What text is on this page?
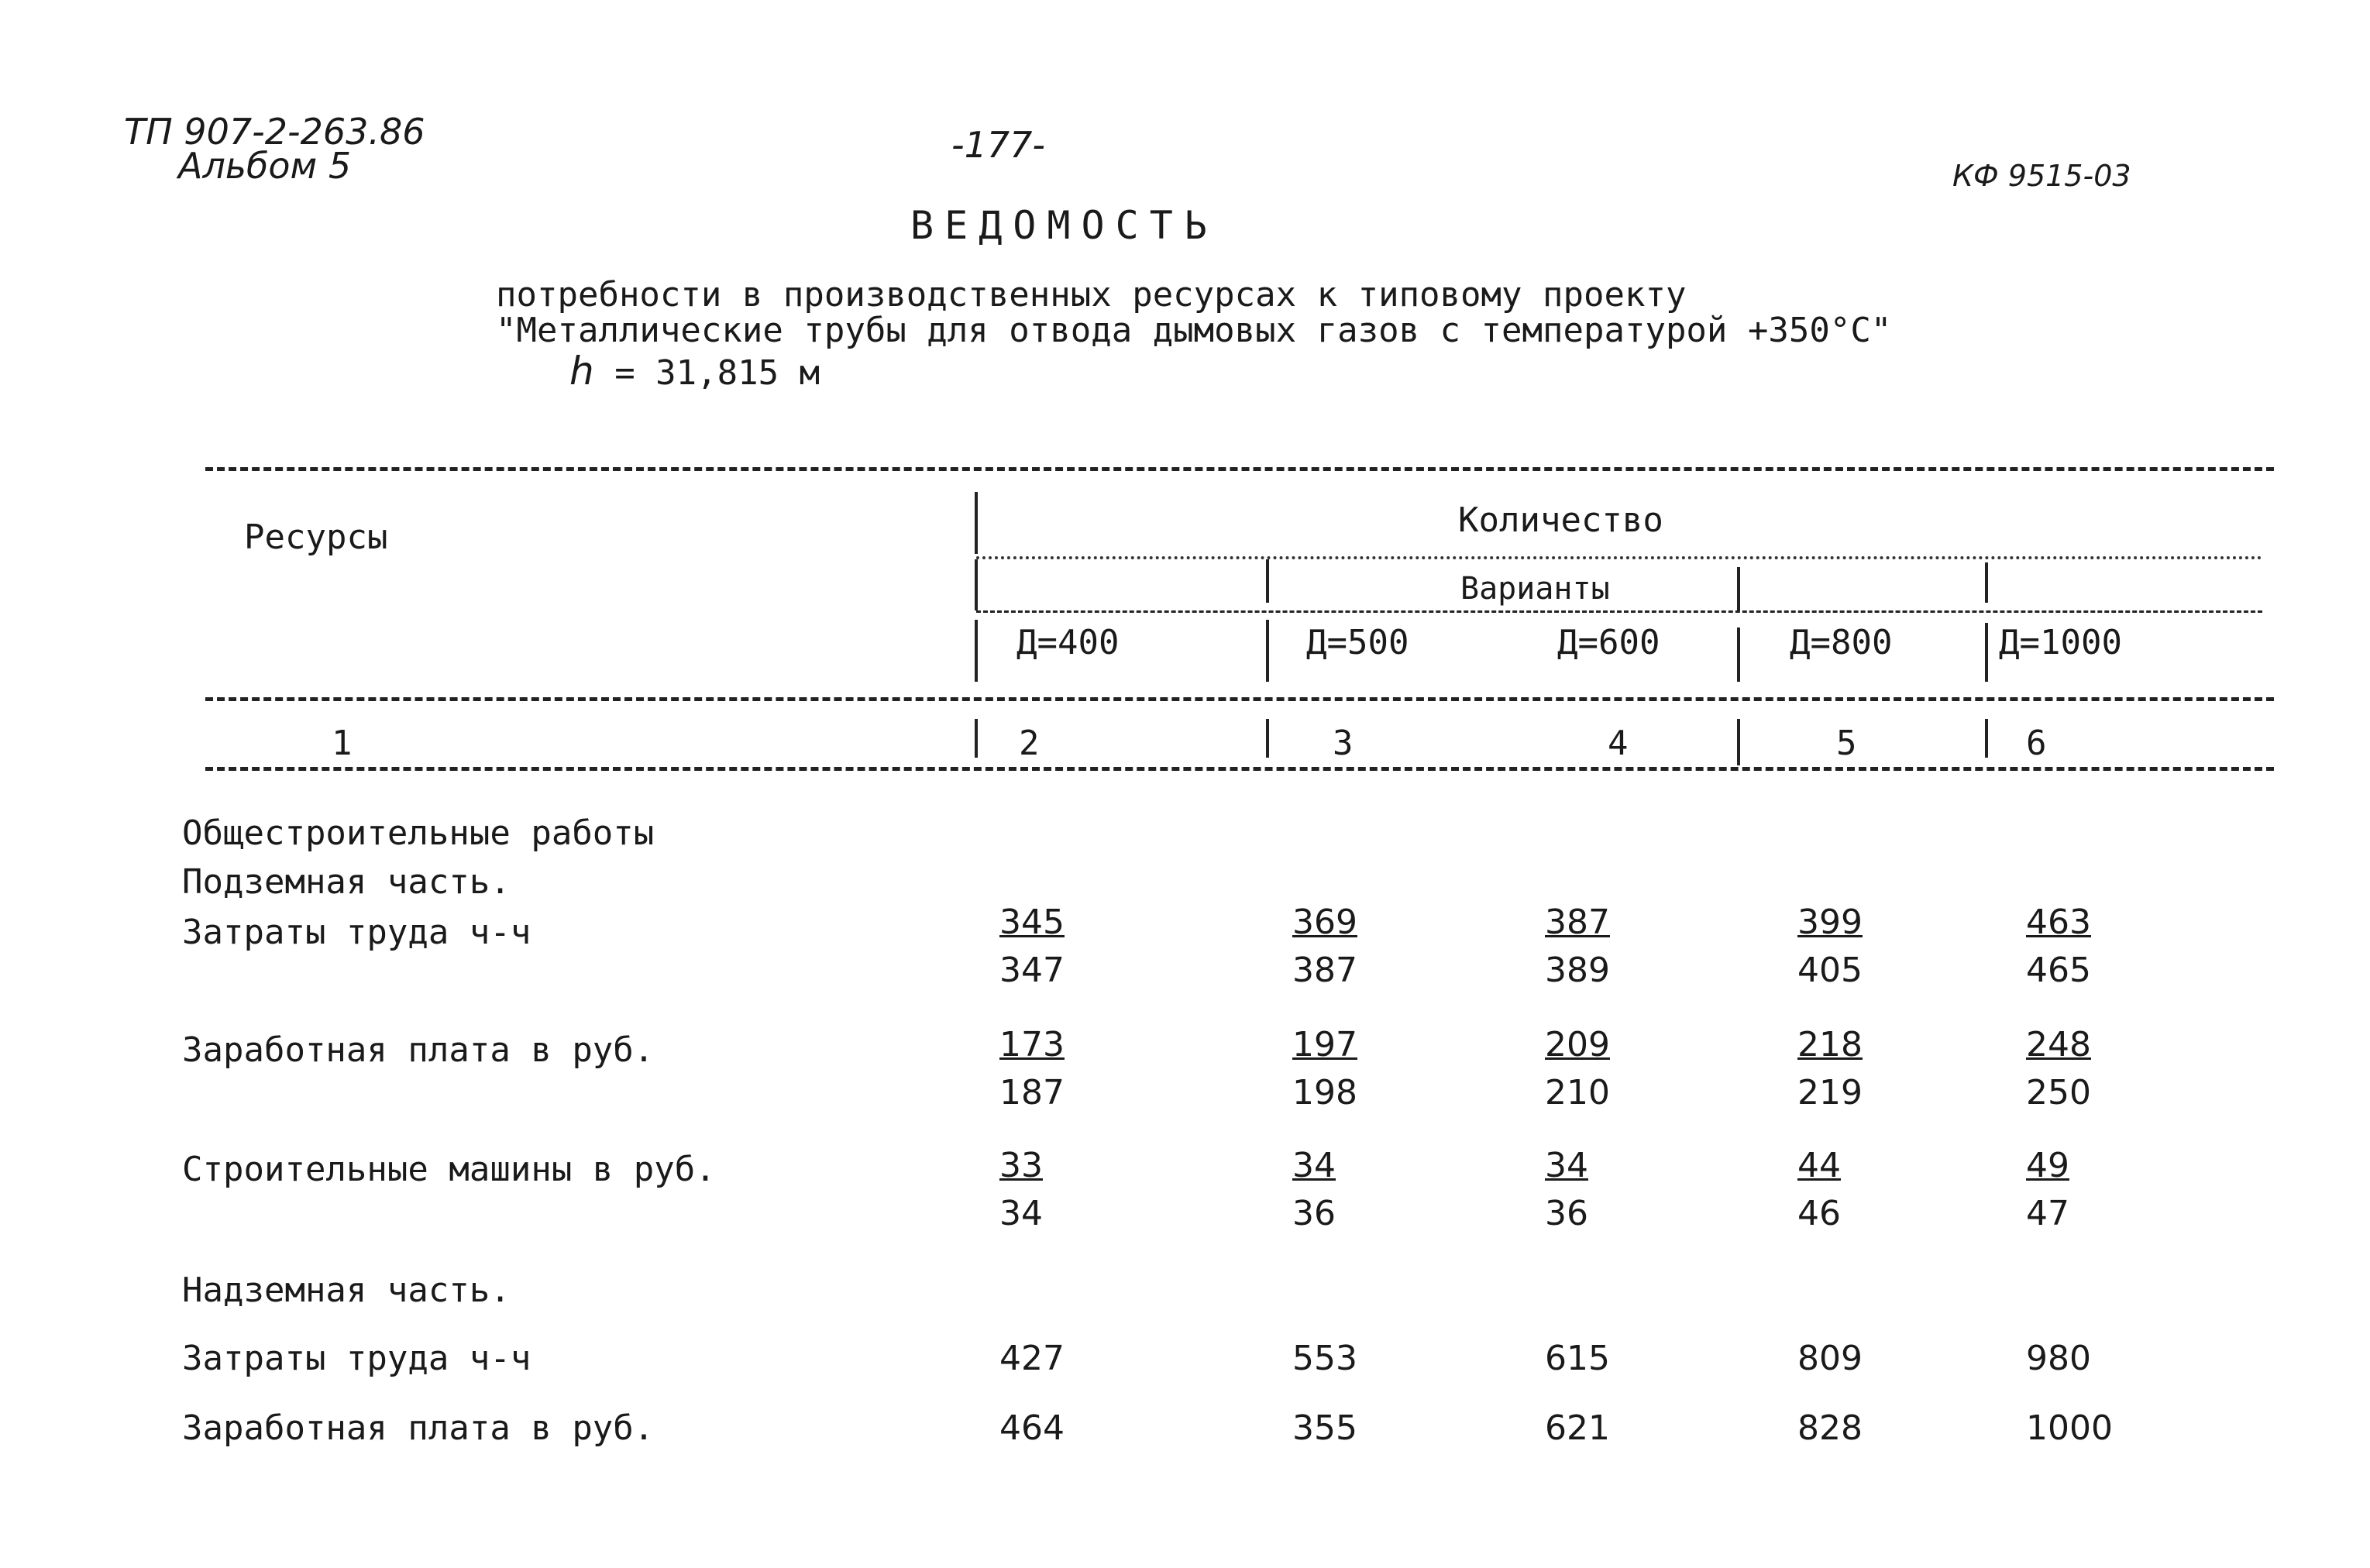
ТП 907-2-263.86
Альбом 5	-177-
КФ 9515-03
ВЕДОМОСТЬ
потребности в производственных ресурсах к типовому проекту
"Металлические трубы для отвода дымовых газов с температурой +350°С"
h = 31,815 м
Ресурсы	Количество
Варианты
Д=400	Д=500	Д=600	Д=800	Д=1000
1	2	3	4	5	6
Общестроительные работы
Подземная часть.
Затраты труда ч-ч	$\frac{345}{347}$	$\frac{369}{387}$	$\frac{387}{389}$	$\frac{399}{405}$	$\frac{463}{465}$
Заработная плата в руб.	$\frac{173}{187}$	$\frac{197}{198}$	$\frac{209}{210}$	$\frac{218}{219}$	$\frac{248}{250}$
Строительные машины в руб.	$\frac{33}{34}$	$\frac{34}{36}$	$\frac{34}{36}$	$\frac{44}{46}$	$\frac{49}{47}$
Надземная часть.
Затраты труда ч-ч	427	553	615	809	980
Заработная плата в руб.	464	355	621	828	1000
